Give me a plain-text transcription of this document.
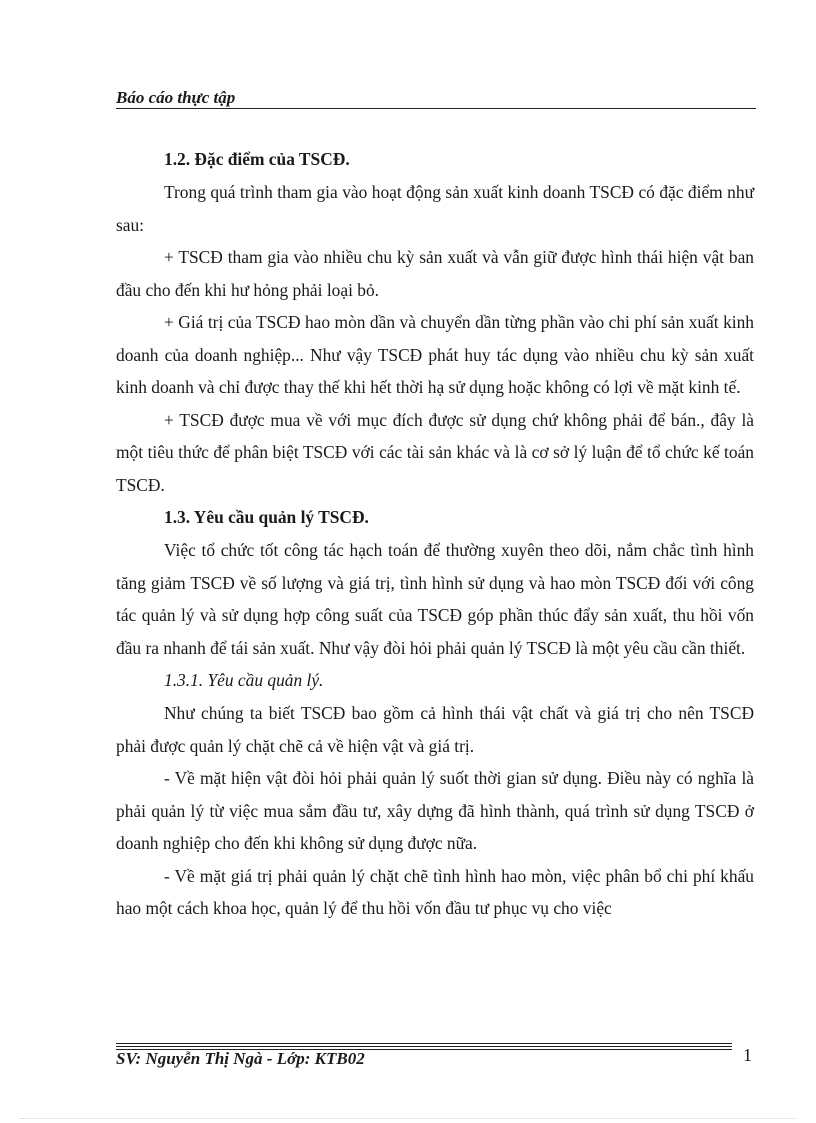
Báo cáo thực tập

1.2. Đặc điểm của TSCĐ.

Trong quá trình tham gia vào hoạt động sản xuất kinh doanh TSCĐ có đặc điểm như sau:

+ TSCĐ tham gia vào nhiều chu kỳ sản xuất và vẫn giữ được hình thái hiện vật ban đầu cho đến khi hư hỏng phải loại bỏ.

+ Giá trị của TSCĐ hao mòn dần và chuyển dần từng phần vào chi phí sản xuất kinh doanh của doanh nghiệp... Như vậy TSCĐ phát huy tác dụng vào nhiều chu kỳ sản xuất kinh doanh và chỉ được thay thế khi hết thời hạ sử dụng hoặc không có lợi về mặt kinh tế.

+ TSCĐ được mua về với mục đích được sử dụng chứ không phải để bán., đây là một tiêu thức để phân biệt TSCĐ với các tài sản khác và là cơ sở lý luận để tổ chức kế toán TSCĐ.

1.3. Yêu cầu quản lý TSCĐ.

Việc tổ chức tốt công tác hạch toán để thường xuyên theo dõi, nắm chắc tình hình tăng giảm TSCĐ về số lượng và giá trị, tình hình sử dụng và hao mòn TSCĐ đối với công tác quản lý và sử dụng hợp công suất của TSCĐ góp phần thúc đẩy sản xuất, thu hồi vốn đầu ra nhanh để tái sản xuất. Như vậy đòi hỏi phải quản lý TSCĐ là một yêu cầu cần thiết.

1.3.1. Yêu cầu quản lý.

Như chúng ta biết TSCĐ bao gồm cả hình thái vật chất và giá trị cho nên TSCĐ phải được quản lý chặt chẽ cả về hiện vật và giá trị.

- Về mặt hiện vật đòi hỏi phải quản lý suốt thời gian sử dụng. Điều này có nghĩa là phải quản lý từ việc mua sắm đầu tư, xây dựng đã hình thành, quá trình sử dụng TSCĐ ở doanh nghiệp cho đến khi không sử dụng được nữa.

- Về mặt giá trị phải quản lý chặt chẽ tình hình hao mòn, việc phân bổ chi phí khấu hao một cách khoa học, quản lý để thu hồi vốn đầu tư phục vụ cho việc

SV: Nguyễn Thị Ngà - Lớp: KTB02	1
